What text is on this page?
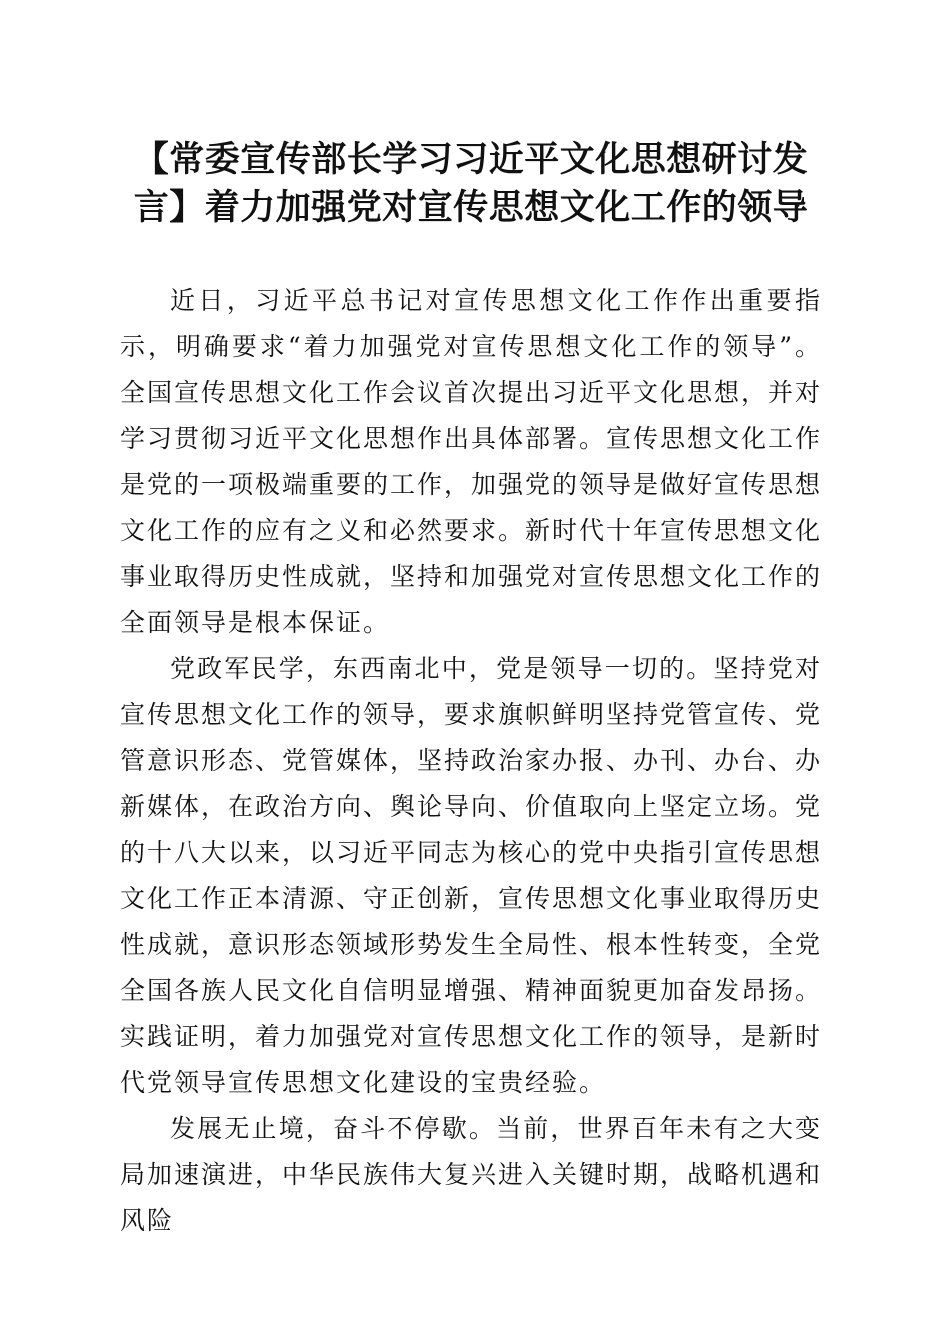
【常委宣传部长学习习近平文化思想研讨发言】着力加强党对宣传思想文化工作的领导

近日，习近平总书记对宣传思想文化工作作出重要指示，明确要求“着力加强党对宣传思想文化工作的领导”。全国宣传思想文化工作会议首次提出习近平文化思想，并对学习贯彻习近平文化思想作出具体部署。宣传思想文化工作是党的一项极端重要的工作，加强党的领导是做好宣传思想文化工作的应有之义和必然要求。新时代十年宣传思想文化事业取得历史性成就，坚持和加强党对宣传思想文化工作的全面领导是根本保证。

党政军民学，东西南北中，党是领导一切的。坚持党对宣传思想文化工作的领导，要求旗帜鲜明坚持党管宣传、党管意识形态、党管媒体，坚持政治家办报、办刊、办台、办新媒体，在政治方向、舆论导向、价值取向上坚定立场。党的十八大以来，以习近平同志为核心的党中央指引宣传思想文化工作正本清源、守正创新，宣传思想文化事业取得历史性成就，意识形态领域形势发生全局性、根本性转变，全党全国各族人民文化自信明显增强、精神面貌更加奋发昂扬。实践证明，着力加强党对宣传思想文化工作的领导，是新时代党领导宣传思想文化建设的宝贵经验。

发展无止境，奋斗不停歇。当前，世界百年未有之大变局加速演进，中华民族伟大复兴进入关键时期，战略机遇和风险
